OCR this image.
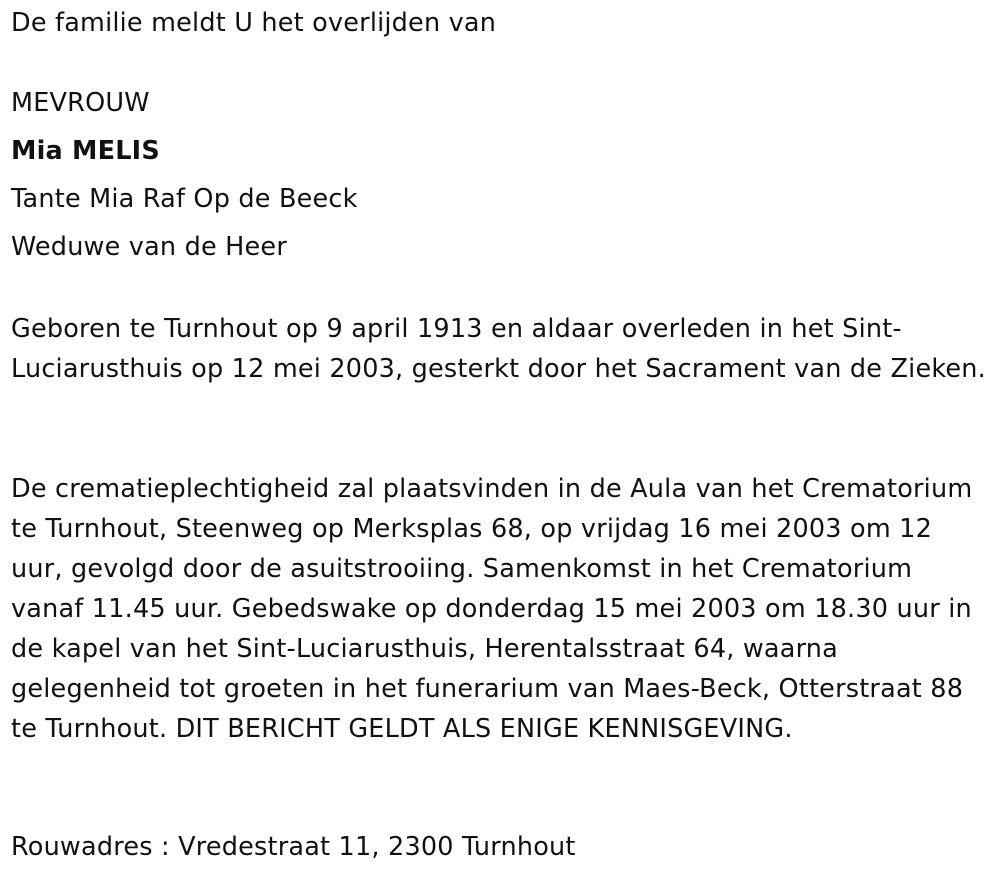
De familie meldt U het overlijden van
MEVROUW
Mia MELIS
Tante Mia Raf Op de Beeck
Weduwe van de Heer
Geboren te Turnhout op 9 april 1913 en aldaar overleden in het Sint-Luciarusthuis op 12 mei 2003, gesterkt door het Sacrament van de Zieken.
De crematieplechtigheid zal plaatsvinden in de Aula van het Crematorium te Turnhout, Steenweg op Merksplas 68, op vrijdag 16 mei 2003 om 12 uur, gevolgd door de asuitstrooiing. Samenkomst in het Crematorium vanaf 11.45 uur. Gebedswake op donderdag 15 mei 2003 om 18.30 uur in de kapel van het Sint-Luciarusthuis, Herentalsstraat 64, waarna gelegenheid tot groeten in het funerarium van Maes-Beck, Otterstraat 88 te Turnhout. DIT BERICHT GELDT ALS ENIGE KENNISGEVING.
Rouwadres : Vredestraat 11, 2300 Turnhout
